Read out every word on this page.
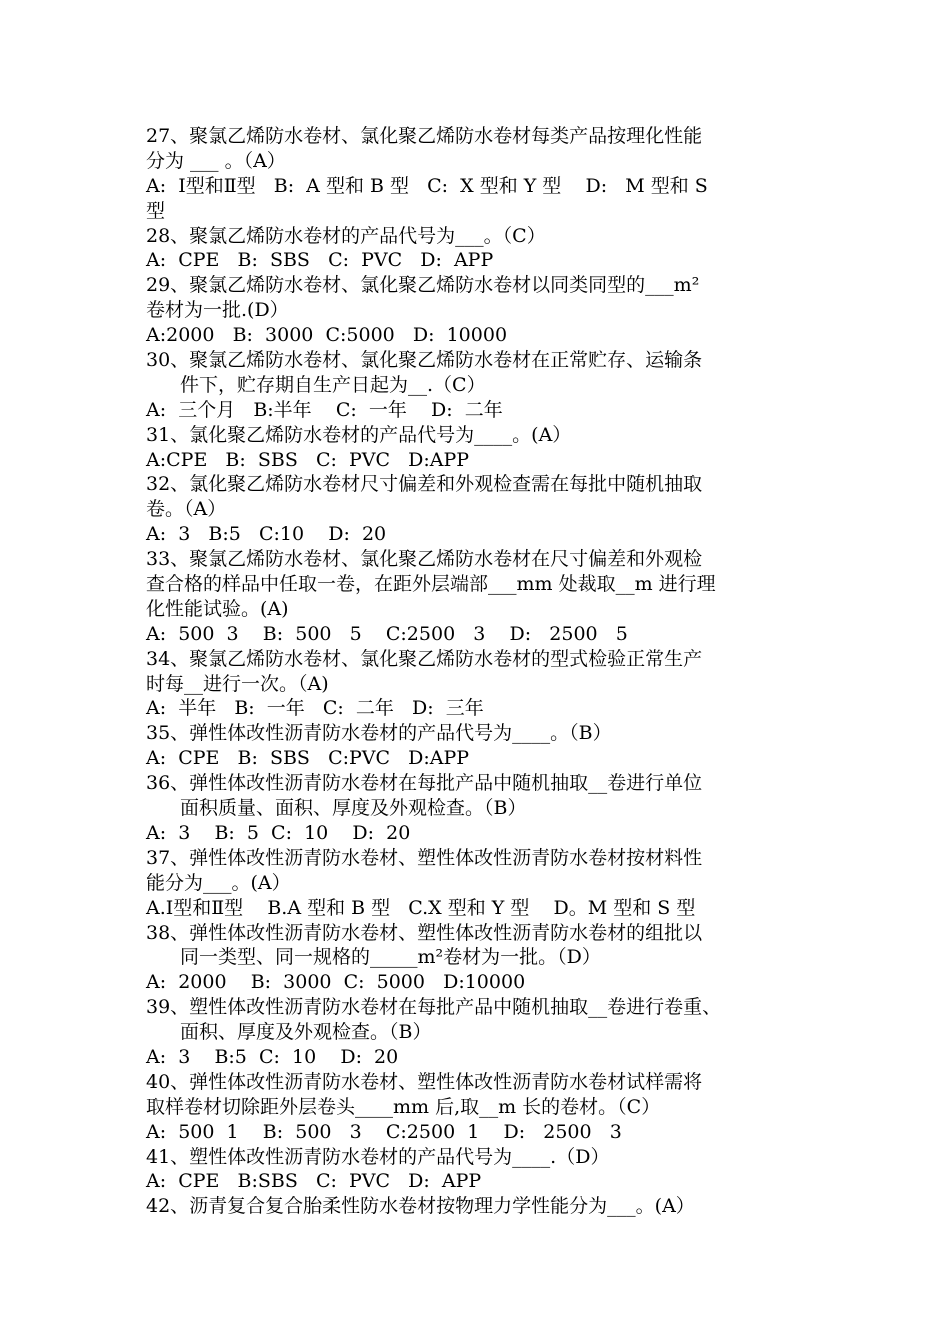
27、聚氯乙烯防水卷材、氯化聚乙烯防水卷材每类产品按理化性能
分为 ___ 。（A）
A:  Ⅰ型和Ⅱ型   B:  A 型和 B 型   C:  X 型和 Y 型    D:   M 型和 S
型
28、聚氯乙烯防水卷材的产品代号为___。（C）
A:  CPE   B:  SBS   C:  PVC   D:  APP
29、聚氯乙烯防水卷材、氯化聚乙烯防水卷材以同类同型的___m²
卷材为一批.(D）
A:2000   B:  3000  C:5000   D:  10000
30、聚氯乙烯防水卷材、氯化聚乙烯防水卷材在正常贮存、运输条
件下，贮存期自生产日起为__.（C）
A:  三个月   B:半年    C:  一年    D:  二年
31、氯化聚乙烯防水卷材的产品代号为____。(A）
A:CPE   B:  SBS   C:  PVC   D:APP
32、氯化聚乙烯防水卷材尺寸偏差和外观检查需在每批中随机抽取
卷。（A）
A:  3   B:5   C:10    D:  20
33、聚氯乙烯防水卷材、氯化聚乙烯防水卷材在尺寸偏差和外观检
查合格的样品中任取一卷，在距外层端部___mm 处裁取__m 进行理
化性能试验。(A)
A:  500  3    B:  500   5    C:2500   3    D:   2500   5
34、聚氯乙烯防水卷材、氯化聚乙烯防水卷材的型式检验正常生产
时每__进行一次。（A)
A:  半年   B:  一年   C:  二年   D:  三年
35、弹性体改性沥青防水卷材的产品代号为____。（B）
A:  CPE   B:  SBS   C:PVC   D:APP
36、弹性体改性沥青防水卷材在每批产品中随机抽取__卷进行单位
面积质量、面积、厚度及外观检查。（B）
A:  3    B:  5  C:  10    D:  20
37、弹性体改性沥青防水卷材、塑性体改性沥青防水卷材按材料性
能分为___。(A）
A.Ⅰ型和Ⅱ型    B.A 型和 B 型   C.X 型和 Y 型    D。M 型和 S 型
38、弹性体改性沥青防水卷材、塑性体改性沥青防水卷材的组批以
同一类型、同一规格的_____m²卷材为一批。（D）
A:  2000    B:  3000  C:  5000   D:10000
39、塑性体改性沥青防水卷材在每批产品中随机抽取__卷进行卷重、
面积、厚度及外观检查。（B）
A:  3    B:5  C:  10    D:  20
40、弹性体改性沥青防水卷材、塑性体改性沥青防水卷材试样需将
取样卷材切除距外层卷头____mm 后,取__m 长的卷材。（C）
A:  500  1    B:  500   3    C:2500  1    D:   2500   3
41、塑性体改性沥青防水卷材的产品代号为____.（D）
A:  CPE   B:SBS   C:  PVC   D:  APP
42、沥青复合复合胎柔性防水卷材按物理力学性能分为___。(A）
